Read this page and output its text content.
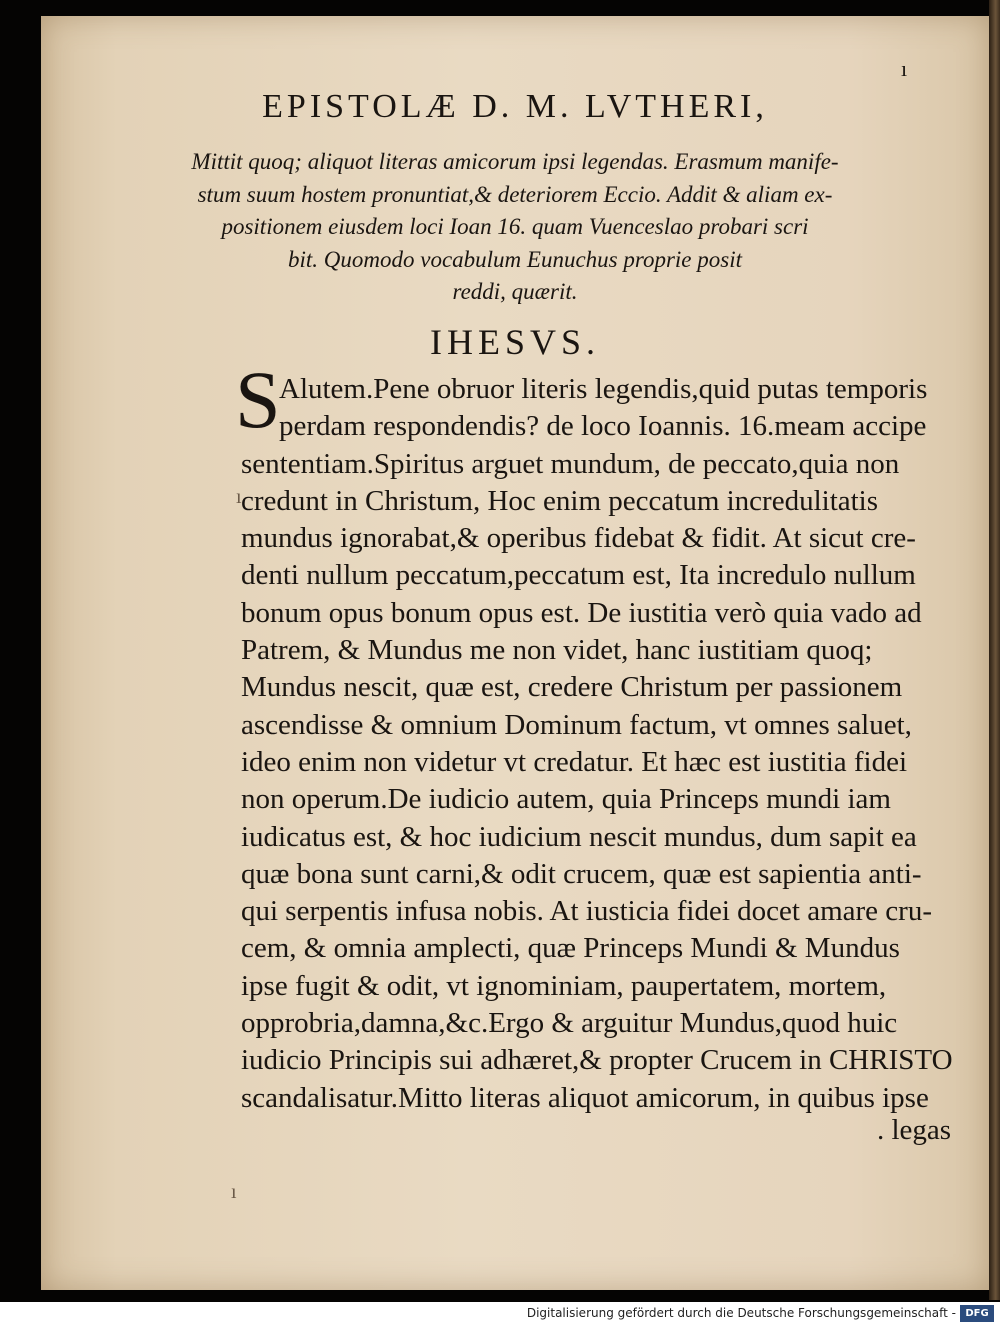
EPISTOLÆ D. M. LVTHERI,
ı
Mittit quoq; aliquot literas amicorum ipsi legendas. Erasmum manife-
stum suum hostem pronuntiat,& deteriorem Eccio. Addit & aliam ex-
positionem eiusdem loci Ioan 16. quam Vuenceslao probari scri
bit. Quomodo vocabulum Eunuchus proprie posit
reddi, quærit.
IHESVS.
S
Alutem.Pene obruor literis legendis,quid putas temporis
perdam respondendis? de loco Ioannis. 16.meam accipe
sententiam.Spiritus arguet mundum, de peccato,quia non
credunt in Christum, Hoc enim peccatum incredulitatis
mundus ignorabat,& operibus fidebat & fidit. At sicut cre-
denti nullum peccatum,peccatum est, Ita incredulo nullum
bonum opus bonum opus est. De iustitia verò quia vado ad
Patrem, & Mundus me non videt, hanc iustitiam quoq;
Mundus nescit, quæ est, credere Christum per passionem
ascendisse & omnium Dominum factum, vt omnes saluet,
ideo enim non videtur vt credatur. Et hæc est iustitia fidei
non operum.De iudicio autem, quia Princeps mundi iam
iudicatus est, & hoc iudicium nescit mundus, dum sapit ea
quæ bona sunt carni,& odit crucem, quæ est sapientia anti-
qui serpentis infusa nobis. At iusticia fidei docet amare cru-
cem, & omnia amplecti, quæ Princeps Mundi & Mundus
ipse fugit & odit, vt ignominiam, paupertatem, mortem,
opprobria,damna,&c.Ergo & arguitur Mundus,quod huic
iudicio Principis sui adhæret,& propter Crucem in CHRISTO
scandalisatur.Mitto literas aliquot amicorum, in quibus ipse
. legas
ı
ı
Digitalisierung gefördert durch die Deutsche Forschungsgemeinschaft - DFG
